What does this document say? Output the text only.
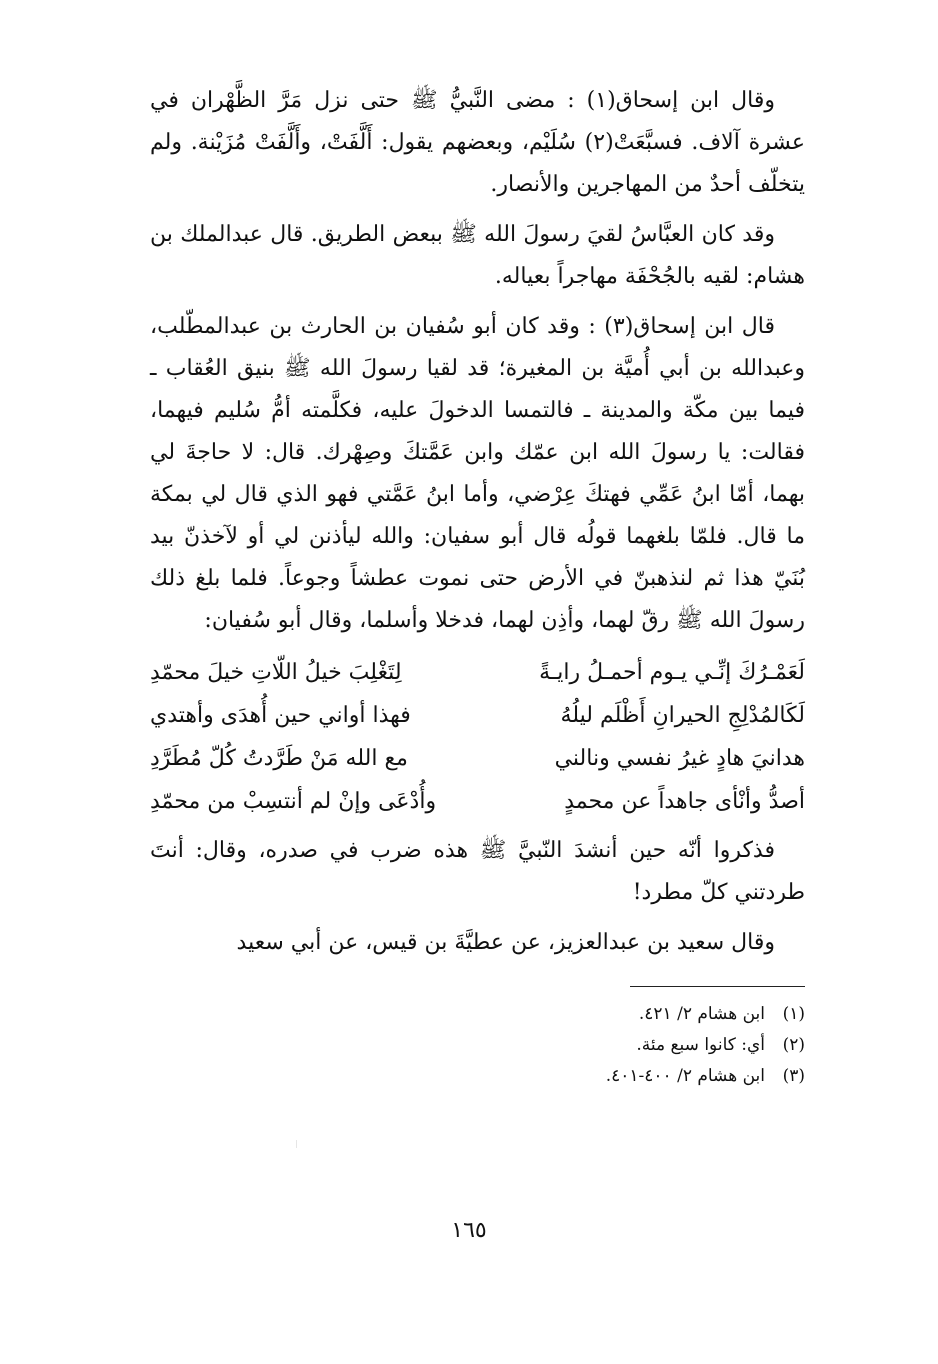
وقال ابن إسحاق(١) : مضى النَّبيُّ ﷺ حتى نزل مَرَّ الظَّهْران في عشرة آلاف. فسبَّعَتْ(٢) سُلَيْم، وبعضهم يقول: أَلَّفَتْ، وأَلَّفَتْ مُزَيْنة. ولم يتخلّف أحدٌ من المهاجرين والأنصار.

وقد كان العبَّاسُ لقيَ رسولَ الله ﷺ ببعض الطريق. قال عبدالملك بن هشام: لقيه بالجُحْفَة مهاجراً بعياله.

قال ابن إسحاق(٣) : وقد كان أبو سُفيان بن الحارث بن عبدالمطّلب، وعبدالله بن أبي أُميَّة بن المغيرة؛ قد لقيا رسولَ الله ﷺ بنيق العُقاب ـ فيما بين مكّة والمدينة ـ فالتمسا الدخولَ عليه، فكلَّمته أمُّ سُليم فيهما، فقالت: يا رسولَ الله ابن عمّك وابن عَمَّتكَ وصِهْرك. قال: لا حاجةَ لي بهما، أمّا ابنُ عَمِّي فهتكَ عِرْضي، وأما ابنُ عَمَّتي فهو الذي قال لي بمكة ما قال. فلمّا بلغهما قولُه قال أبو سفيان: والله ليأذنن لي أو لآخذنّ بيد بُنَيّ هذا ثم لنذهبنّ في الأرض حتى نموت عطشاً وجوعاً. فلما بلغ ذلك رسولَ الله ﷺ رقّ لهما، وأذِن لهما، فدخلا وأسلما، وقال أبو سُفيان:

لَعَمْـرُكَ إنِّـي يـوم أحمـلُ رايـةً
لِتَغْلِبَ خيلُ اللّاتِ خيلَ محمّدِ
لَكَالمُدْلِجِ الحيرانِ أَظْلَم ليلُهُ
فهذا أواني حين أُهدَى وأهتدي
هدانيَ هادٍ غيرُ نفسي ونالني
مع الله مَنْ طَرَّدتُ كُلّ مُطَرَّدِ
أصدُّ وأنْأى جاهداً عن محمدٍ
وأُدْعَى وإنْ لم أنتسِبْ من محمّدِ

فذكروا أنّه حين أنشدَ النّبيَّ ﷺ هذه ضرب في صدره، وقال: أنتَ طردتني كلّ مطرد!

وقال سعيد بن عبدالعزيز، عن عطيَّةَ بن قيس، عن أبي سعيد

(١)
ابن هشام ٢/ ٤٢١.
(٢)
أي: كانوا سبع مئة.
(٣)
ابن هشام ٢/ ٤٠٠-٤٠١.
١٦٥
